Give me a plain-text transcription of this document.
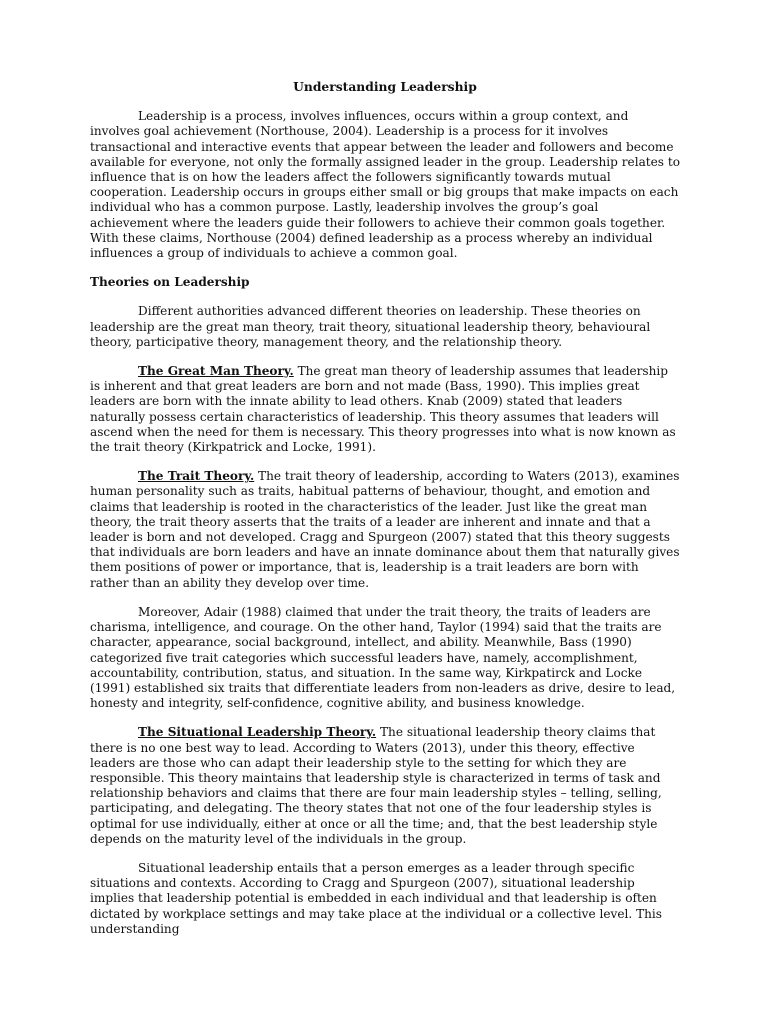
Understanding Leadership

Leadership is a process, involves influences, occurs within a group context, and involves goal achievement (Northouse, 2004). Leadership is a process for it involves transactional and interactive events that appear between the leader and followers and become available for everyone, not only the formally assigned leader in the group. Leadership relates to influence that is on how the leaders affect the followers significantly towards mutual cooperation. Leadership occurs in groups either small or big groups that make impacts on each individual who has a common purpose. Lastly, leadership involves the group’s goal achievement where the leaders guide their followers to achieve their common goals together. With these claims, Northouse (2004) defined leadership as a process whereby an individual influences a group of individuals to achieve a common goal.

Theories on Leadership

Different authorities advanced different theories on leadership. These theories on leadership are the great man theory, trait theory, situational leadership theory, behavioural theory, participative theory, management theory, and the relationship theory.

The Great Man Theory. The great man theory of leadership assumes that leadership is inherent and that great leaders are born and not made (Bass, 1990). This implies great leaders are born with the innate ability to lead others. Knab (2009) stated that leaders naturally possess certain characteristics of leadership. This theory assumes that leaders will ascend when the need for them is necessary. This theory progresses into what is now known as the trait theory (Kirkpatrick and Locke, 1991).

The Trait Theory. The trait theory of leadership, according to Waters (2013), examines human personality such as traits, habitual patterns of behaviour, thought, and emotion and claims that leadership is rooted in the characteristics of the leader. Just like the great man theory, the trait theory asserts that the traits of a leader are inherent and innate and that a leader is born and not developed. Cragg and Spurgeon (2007) stated that this theory suggests that individuals are born leaders and have an innate dominance about them that naturally gives them positions of power or importance, that is, leadership is a trait leaders are born with rather than an ability they develop over time.

Moreover, Adair (1988) claimed that under the trait theory, the traits of leaders are charisma, intelligence, and courage. On the other hand, Taylor (1994) said that the traits are character, appearance, social background, intellect, and ability. Meanwhile, Bass (1990) categorized five trait categories which successful leaders have, namely, accomplishment, accountability, contribution, status, and situation. In the same way, Kirkpatirck and Locke (1991) established six traits that differentiate leaders from non-leaders as drive, desire to lead, honesty and integrity, self-confidence, cognitive ability, and business knowledge.

The Situational Leadership Theory. The situational leadership theory claims that there is no one best way to lead. According to Waters (2013), under this theory, effective leaders are those who can adapt their leadership style to the setting for which they are responsible. This theory maintains that leadership style is characterized in terms of task and relationship behaviors and claims that there are four main leadership styles – telling, selling, participating, and delegating. The theory states that not one of the four leadership styles is optimal for use individually, either at once or all the time; and, that the best leadership style depends on the maturity level of the individuals in the group.

Situational leadership entails that a person emerges as a leader through specific situations and contexts. According to Cragg and Spurgeon (2007), situational leadership implies that leadership potential is embedded in each individual and that leadership is often dictated by workplace settings and may take place at the individual or a collective level. This understanding
